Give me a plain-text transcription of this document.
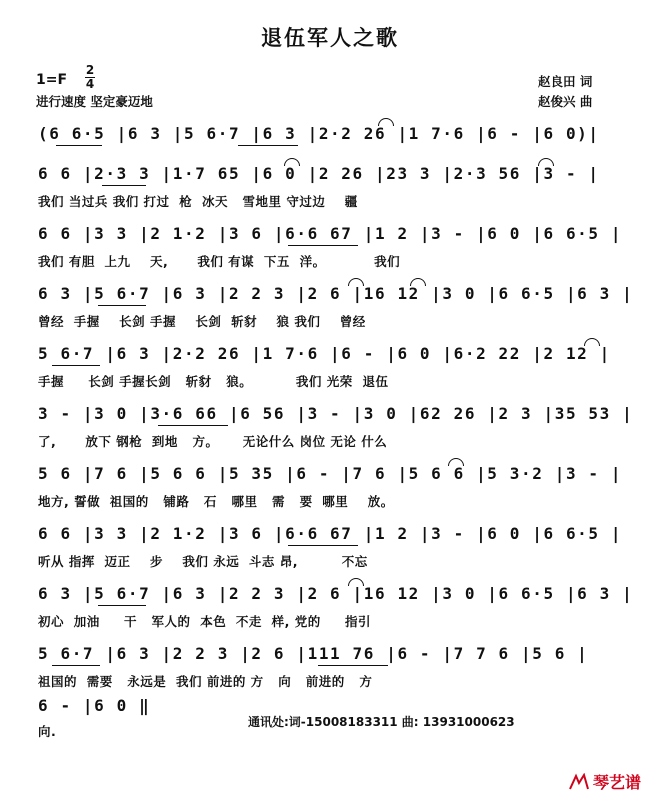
退伍军人之歌
1=F
2
4
进行速度 坚定豪迈地
赵良田 词
赵俊兴 曲
(6 6·5 |6 3 |5 6·7 |6 3 |2·2 26 |1 7·6 |6 - |6 0)|
6 6 |2·3 3 |1·7 65 |6 0 |2 26 |23 3 |2·3 56 |3 - |
我们 当过兵 我们 打过  枪  冰天   雪地里 守过边    疆
6 6 |3 3 |2 1·2 |3 6 |6·6 67 |1 2 |3 - |6 0 |6 6·5 |
我们 有胆  上九    天,      我们 有谋  下五  洋。          我们
6 3 |5 6·7 |6 3 |2 2 3 |2 6 |16 12 |3 0 |6 6·5 |6 3 |
曾经  手握    长剑 手握    长剑  斩豺    狼 我们    曾经
5 6·7 |6 3 |2·2 26 |1 7·6 |6 - |6 0 |6·2 22 |2 12 |
手握     长剑 手握长剑   斩豺   狼。         我们 光荣  退伍
3 - |3 0 |3·6 66 |6 56 |3 - |3 0 |62 26 |2 3 |35 53 |
了,      放下 钢枪  到地   方。     无论什么 岗位 无论 什么
5 6 |7 6 |5 6 6 |5 35 |6 - |7 6 |5 6 6 |5 3·2 |3 - |
地方, 誓做  祖国的   铺路   石   哪里   需   要  哪里    放。
6 6 |3 3 |2 1·2 |3 6 |6·6 67 |1 2 |3 - |6 0 |6 6·5 |
听从 指挥  迈正    步    我们 永远  斗志 昂,         不忘
6 3 |5 6·7 |6 3 |2 2 3 |2 6 |16 12 |3 0 |6 6·5 |6 3 |
初心  加油     干   军人的  本色  不走  样, 党的     指引
5 6·7 |6 3 |2 2 3 |2 6 |111 76 |6 - |7 7 6 |5 6 |
祖国的  需要   永远是  我们 前进的 方   向   前进的   方
6 - |6 0 ‖
向.
通讯处:词-15008183311 曲: 13931000623
琴艺谱
